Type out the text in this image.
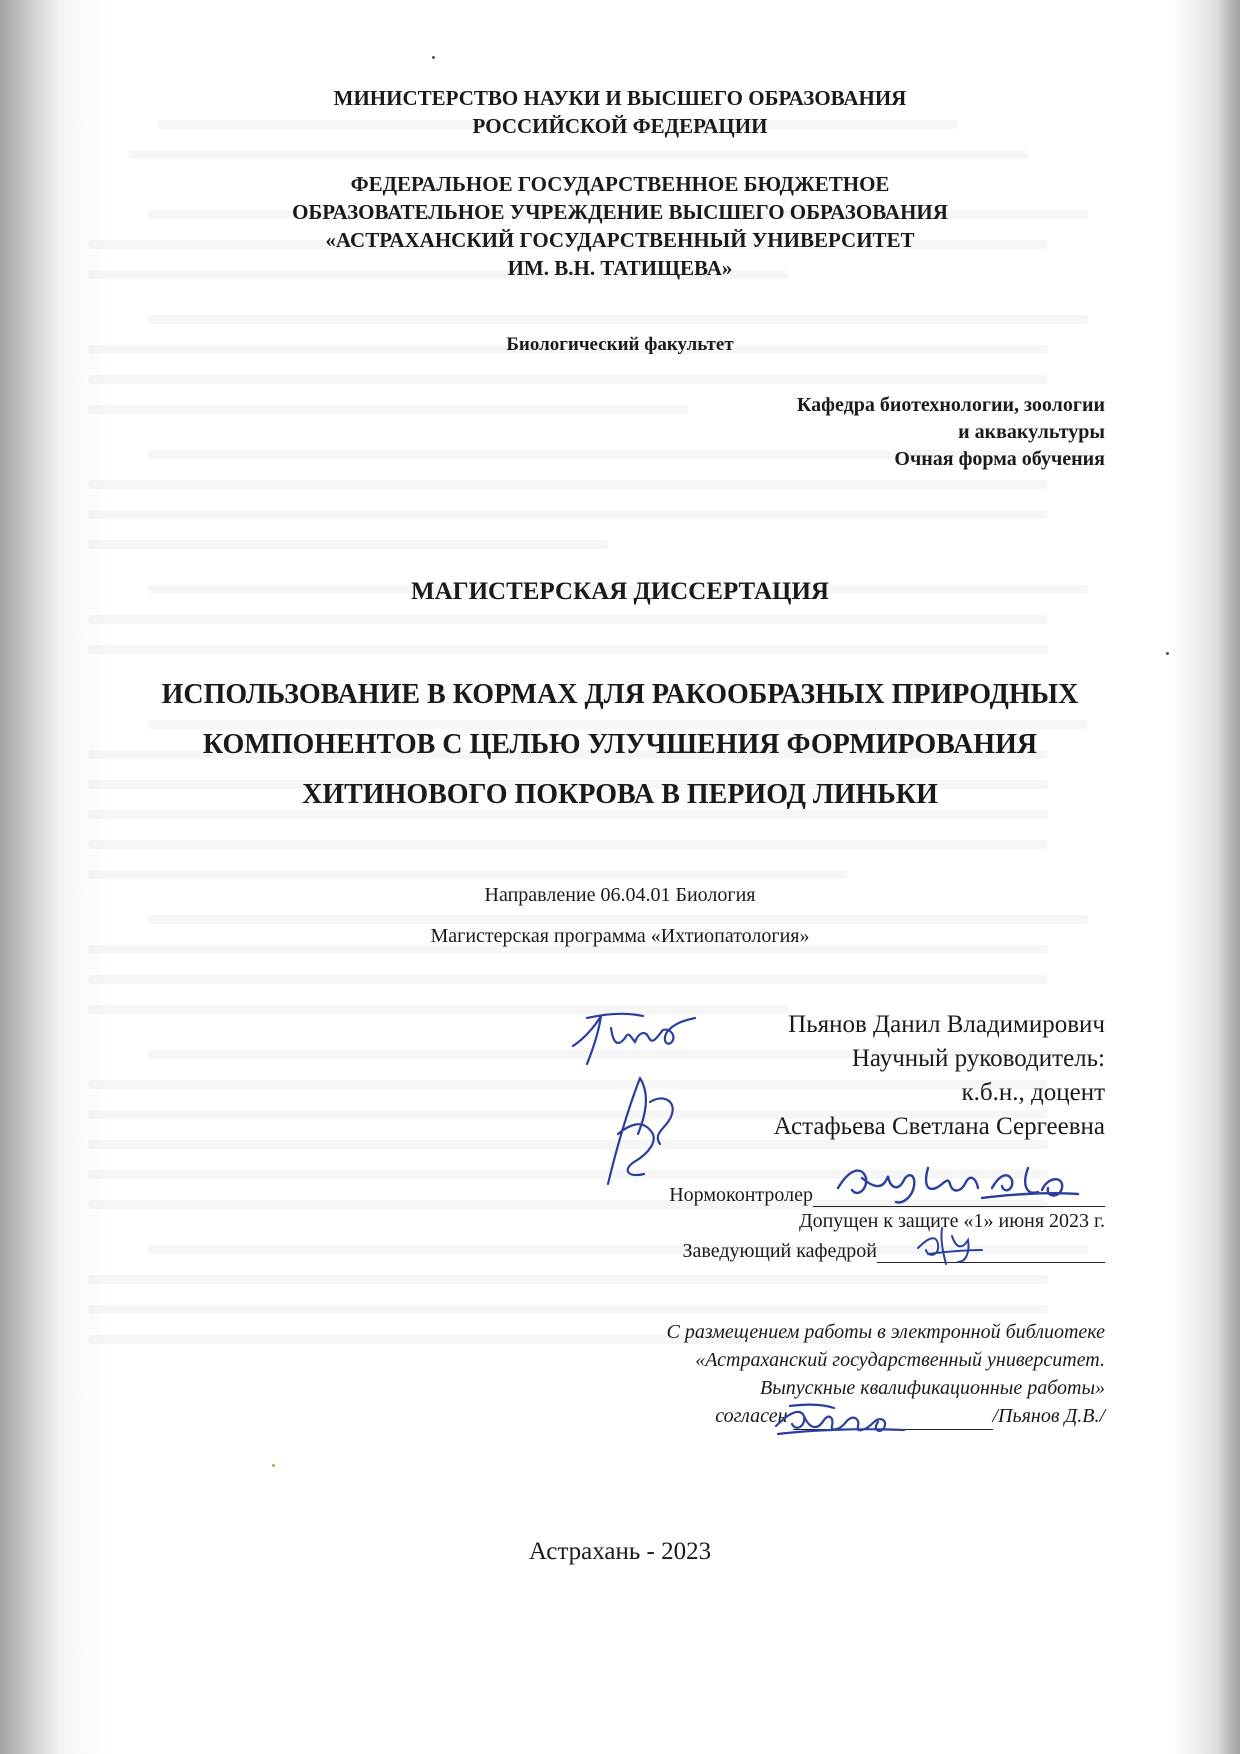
МИНИСТЕРСТВО НАУКИ И ВЫСШЕГО ОБРАЗОВАНИЯ
РОССИЙСКОЙ ФЕДЕРАЦИИ
ФЕДЕРАЛЬНОЕ ГОСУДАРСТВЕННОЕ БЮДЖЕТНОЕ
ОБРАЗОВАТЕЛЬНОЕ УЧРЕЖДЕНИЕ ВЫСШЕГО ОБРАЗОВАНИЯ
«АСТРАХАНСКИЙ ГОСУДАРСТВЕННЫЙ УНИВЕРСИТЕТ
ИМ. В.Н. ТАТИЩЕВА»
Биологический факультет
Кафедра биотехнологии, зоологии
и аквакультуры
Очная форма обучения
МАГИСТЕРСКАЯ ДИССЕРТАЦИЯ
ИСПОЛЬЗОВАНИЕ В КОРМАХ ДЛЯ РАКООБРАЗНЫХ ПРИРОДНЫХ
КОМПОНЕНТОВ С ЦЕЛЬЮ УЛУЧШЕНИЯ ФОРМИРОВАНИЯ
ХИТИНОВОГО ПОКРОВА В ПЕРИОД ЛИНЬКИ
Направление 06.04.01 Биология
Магистерская программа «Ихтиопатология»
Пьянов Данил Владимирович
Научный руководитель:
к.б.н., доцент
Астафьева Светлана Сергеевна
Нормоконтролер
Допущен к защите «1» июня 2023 г.
Заведующий кафедрой
С размещением работы в электронной библиотеке
«Астраханский государственный университет.
Выпускные квалификационные работы»
согласен	/Пьянов Д.В./
Астрахань - 2023
